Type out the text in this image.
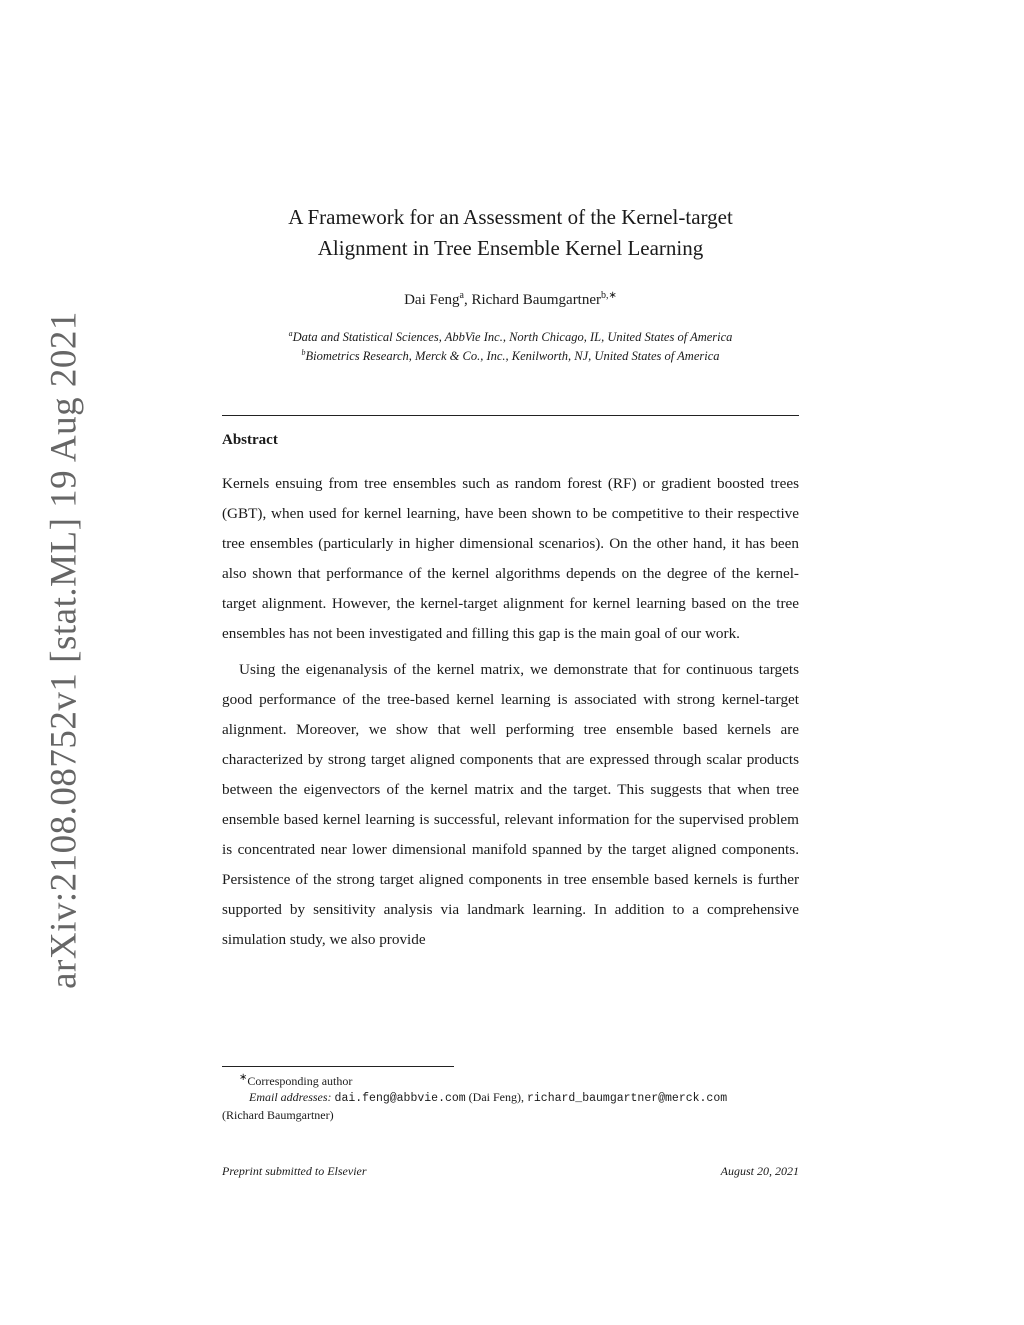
arXiv:2108.08752v1 [stat.ML] 19 Aug 2021
A Framework for an Assessment of the Kernel-target
Alignment in Tree Ensemble Kernel Learning
Dai Feng$^a$, Richard Baumgartner$^{b,∗}$
$^a$Data and Statistical Sciences, AbbVie Inc., North Chicago, IL, United States of America
$^b$Biometrics Research, Merck & Co., Inc., Kenilworth, NJ, United States of America
Abstract

Kernels ensuing from tree ensembles such as random forest (RF) or gradient boosted trees (GBT), when used for kernel learning, have been shown to be competitive to their respective tree ensembles (particularly in higher dimensional scenarios). On the other hand, it has been also shown that performance of the kernel algorithms depends on the degree of the kernel-target alignment. However, the kernel-target alignment for kernel learning based on the tree ensembles has not been investigated and filling this gap is the main goal of our work.

Using the eigenanalysis of the kernel matrix, we demonstrate that for continuous targets good performance of the tree-based kernel learning is associated with strong kernel-target alignment. Moreover, we show that well performing tree ensemble based kernels are characterized by strong target aligned components that are expressed through scalar products between the eigenvectors of the kernel matrix and the target. This suggests that when tree ensemble based kernel learning is successful, relevant information for the supervised problem is concentrated near lower dimensional manifold spanned by the target aligned components. Persistence of the strong target aligned components in tree ensemble based kernels is further supported by sensitivity analysis via landmark learning. In addition to a comprehensive simulation study, we also provide

∗Corresponding author
Email addresses: dai.feng@abbvie.com (Dai Feng), richard_baumgartner@merck.com
(Richard Baumgartner)
Preprint submitted to Elsevier	August 20, 2021
